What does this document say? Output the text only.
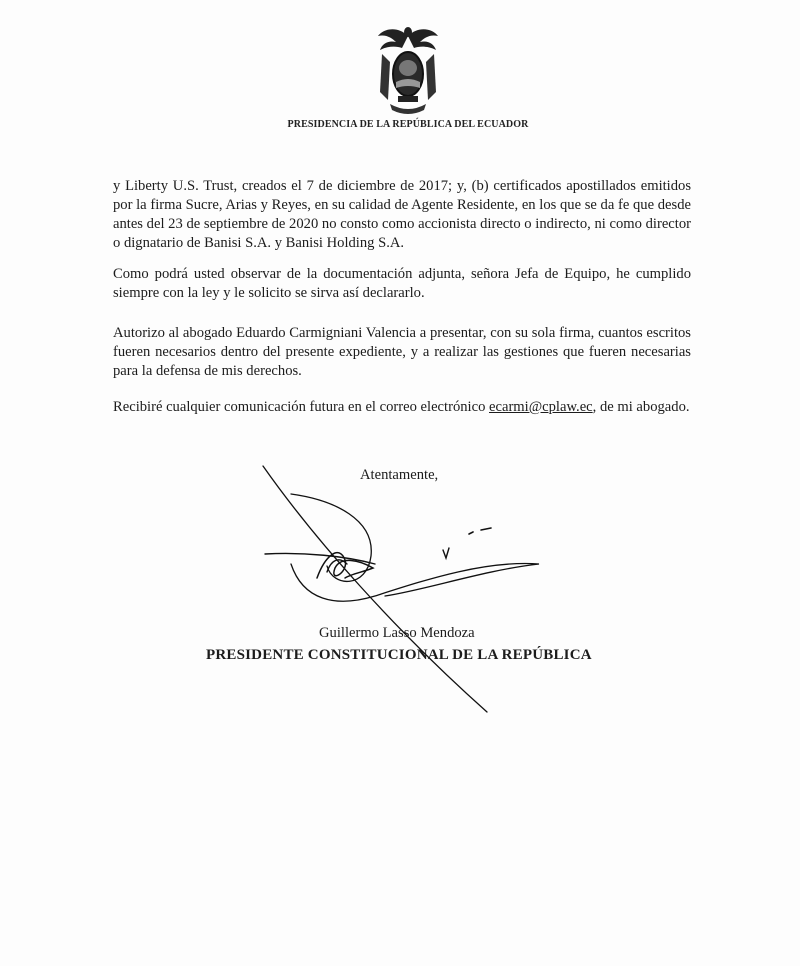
PRESIDENCIA DE LA REPÚBLICA DEL ECUADOR

y Liberty U.S. Trust, creados el 7 de diciembre de 2017; y, (b) certificados apostillados emitidos por la firma Sucre, Arias y Reyes, en su calidad de Agente Residente, en los que se da fe que desde antes del 23 de septiembre de 2020 no consto como accionista directo o indirecto, ni como director o dignatario de Banisi S.A. y Banisi Holding S.A.

Como podrá usted observar de la documentación adjunta, señora Jefa de Equipo, he cumplido siempre con la ley y le solicito se sirva así declararlo.

Autorizo al abogado Eduardo Carmigniani Valencia a presentar, con su sola firma, cuantos escritos fueren necesarios dentro del presente expediente, y a realizar las gestiones que fueren necesarias para la defensa de mis derechos.

Recibiré cualquier comunicación futura en el correo electrónico ecarmi@cplaw.ec, de mi abogado.

Atentamente,
Guillermo Lasso Mendoza
PRESIDENTE CONSTITUCIONAL DE LA REPÚBLICA
